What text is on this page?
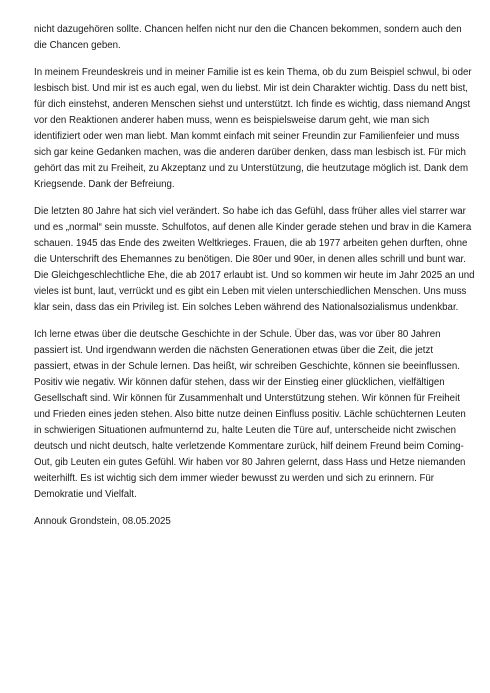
nicht dazugehören sollte. Chancen helfen nicht nur den die Chancen bekommen, sondern auch den
die Chancen geben.
In meinem Freundeskreis und in meiner Familie ist es kein Thema, ob du zum Beispiel schwul, bi oder
lesbisch bist. Und mir ist es auch egal, wen du liebst. Mir ist dein Charakter wichtig. Dass du nett bist,
für dich einstehst, anderen Menschen siehst und unterstützt. Ich finde es wichtig, dass niemand Angst
vor den Reaktionen anderer haben muss, wenn es beispielsweise darum geht, wie man sich
identifiziert oder wen man liebt. Man kommt einfach mit seiner Freundin zur Familienfeier und muss
sich gar keine Gedanken machen, was die anderen darüber denken, dass man lesbisch ist. Für mich
gehört das mit zu Freiheit, zu Akzeptanz und zu Unterstützung, die heutzutage möglich ist. Dank dem
Kriegsende. Dank der Befreiung.
Die letzten 80 Jahre hat sich viel verändert. So habe ich das Gefühl, dass früher alles viel starrer war
und es „normal“ sein musste. Schulfotos, auf denen alle Kinder gerade stehen und brav in die Kamera
schauen. 1945 das Ende des zweiten Weltkrieges. Frauen, die ab 1977 arbeiten gehen durften, ohne
die Unterschrift des Ehemannes zu benötigen. Die 80er und 90er, in denen alles schrill und bunt war.
Die Gleichgeschlechtliche Ehe, die ab 2017 erlaubt ist. Und so kommen wir heute im Jahr 2025 an und
vieles ist bunt, laut, verrückt und es gibt ein Leben mit vielen unterschiedlichen Menschen. Uns muss
klar sein, dass das ein Privileg ist. Ein solches Leben während des Nationalsozialismus undenkbar.
Ich lerne etwas über die deutsche Geschichte in der Schule. Über das, was vor über 80 Jahren
passiert ist. Und irgendwann werden die nächsten Generationen etwas über die Zeit, die jetzt
passiert, etwas in der Schule lernen. Das heißt, wir schreiben Geschichte, können sie beeinflussen.
Positiv wie negativ. Wir können dafür stehen, dass wir der Einstieg einer glücklichen, vielfältigen
Gesellschaft sind. Wir können für Zusammenhalt und Unterstützung stehen. Wir können für Freiheit
und Frieden eines jeden stehen. Also bitte nutze deinen Einfluss positiv. Lächle schüchternen Leuten
in schwierigen Situationen aufmunternd zu, halte Leuten die Türe auf, unterscheide nicht zwischen
deutsch und nicht deutsch, halte verletzende Kommentare zurück, hilf deinem Freund beim Coming-
Out, gib Leuten ein gutes Gefühl. Wir haben vor 80 Jahren gelernt, dass Hass und Hetze niemanden
weiterhilft. Es ist wichtig sich dem immer wieder bewusst zu werden und sich zu erinnern. Für
Demokratie und Vielfalt.
Annouk Grondstein, 08.05.2025
